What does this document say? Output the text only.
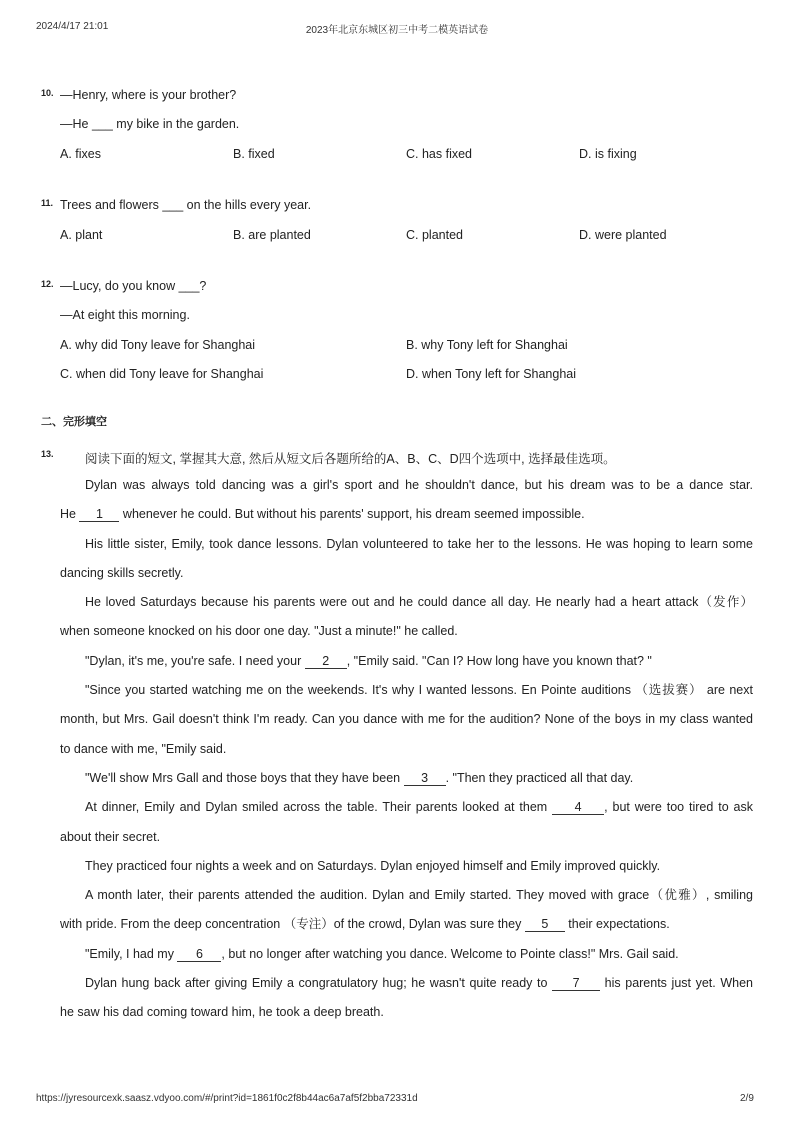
2024/4/17 21:01	2023年北京东城区初三中考二模英语试卷
10. —Henry, where is your brother?
—He ___ my bike in the garden.
A. fixes	B. fixed	C. has fixed	D. is fixing
11. Trees and flowers ___ on the hills every year.
A. plant	B. are planted	C. planted	D. were planted
12. —Lucy, do you know ___?
—At eight this morning.
A. why did Tony leave for Shanghai	B. why Tony left for Shanghai
C. when did Tony leave for Shanghai	D. when Tony left for Shanghai
二、完形填空
13.	阅读下面的短文, 掌握其大意, 然后从短文后各题所给的A、B、C、D四个选项中, 选择最佳选项。
Dylan was always told dancing was a girl's sport and he shouldn't dance, but his dream was to be a dance star.
He 1 whenever he could. But without his parents' support, his dream seemed impossible.
His little sister, Emily, took dance lessons. Dylan volunteered to take her to the lessons. He was hoping to learn some
dancing skills secretly.
He loved Saturdays because his parents were out and he could dance all day. He nearly had a heart attack（发作）
when someone knocked on his door one day. "Just a minute!" he called.
"Dylan, it's me, you're safe. I need your 2 , "Emily said. "Can I? How long have you known that? "
"Since you started watching me on the weekends. It's why I wanted lessons. En Pointe auditions （选拔赛） are next
month, but Mrs. Gail doesn't think I'm ready. Can you dance with me for the audition? None of the boys in my class wanted
to dance with me, "Emily said.
"We'll show Mrs Gall and those boys that they have been 3 . "Then they practiced all that day.
At dinner, Emily and Dylan smiled across the table. Their parents looked at them 4 , but were too tired to ask
about their secret.
They practiced four nights a week and on Saturdays. Dylan enjoyed himself and Emily improved quickly.
A month later, their parents attended the audition. Dylan and Emily started. They moved with grace（优雅）, smiling
with pride. From the deep concentration （专注）of the crowd, Dylan was sure they 5 their expectations.
"Emily, I had my 6 , but no longer after watching you dance. Welcome to Pointe class!" Mrs. Gail said.
Dylan hung back after giving Emily a congratulatory hug; he wasn't quite ready to 7 his parents just yet. When
he saw his dad coming toward him, he took a deep breath.
https://jyresourcexk.saasz.vdyoo.com/#/print?id=1861f0c2f8b44ac6a7af5f2bba72331d	2/9
